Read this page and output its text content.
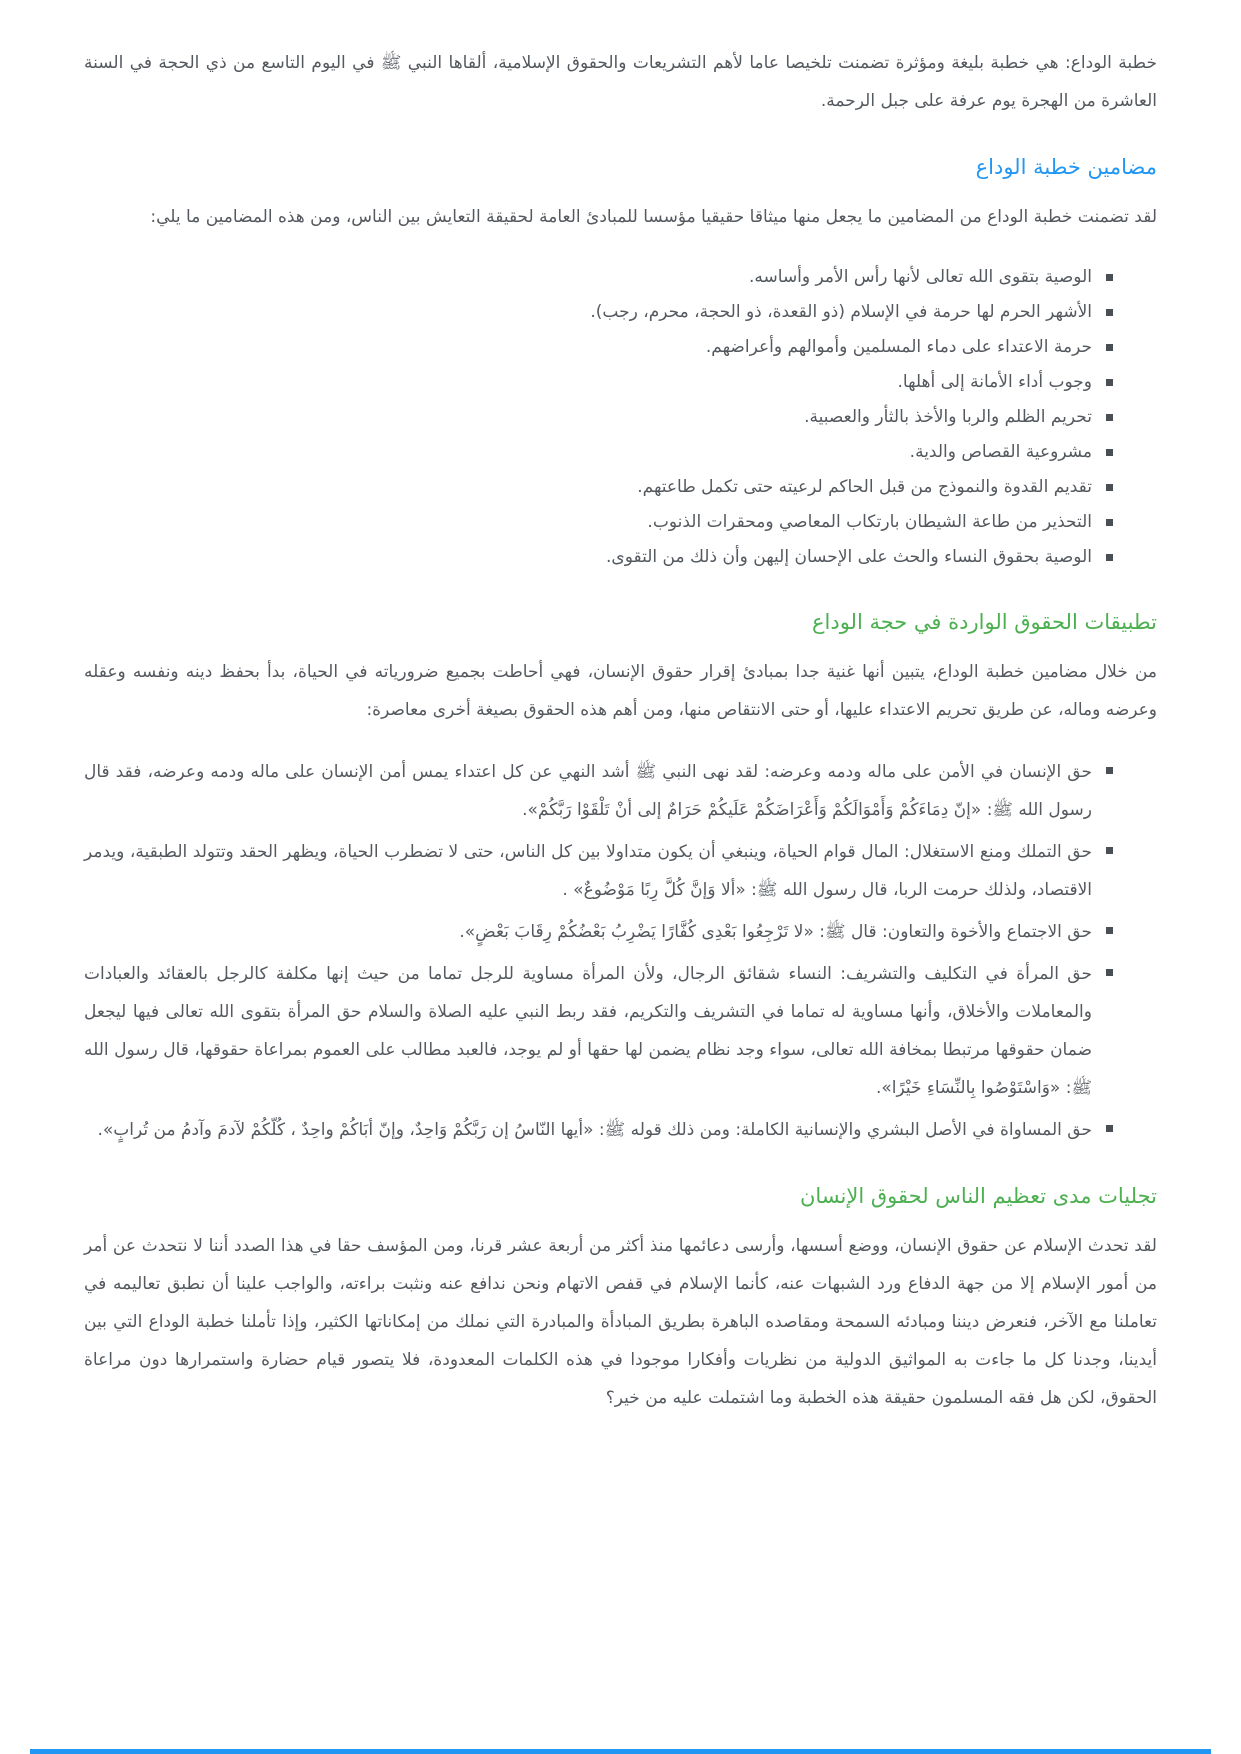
خطبة الوداع: هي خطبة بليغة ومؤثرة تضمنت تلخيصا عاما لأهم التشريعات والحقوق الإسلامية، ألقاها النبي ﷺ في اليوم التاسع من ذي الحجة في السنة العاشرة من الهجرة يوم عرفة على جبل الرحمة.

مضامين خطبة الوداع

لقد تضمنت خطبة الوداع من المضامين ما يجعل منها ميثاقا حقيقيا مؤسسا للمبادئ العامة لحقيقة التعايش بين الناس، ومن هذه المضامين ما يلي:

الوصية بتقوى الله تعالى لأنها رأس الأمر وأساسه.
الأشهر الحرم لها حرمة في الإسلام (ذو القعدة، ذو الحجة، محرم، رجب).
حرمة الاعتداء على دماء المسلمين وأموالهم وأعراضهم.
وجوب أداء الأمانة إلى أهلها.
تحريم الظلم والربا والأخذ بالثأر والعصبية.
مشروعية القصاص والدية.
تقديم القدوة والنموذج من قبل الحاكم لرعيته حتى تكمل طاعتهم.
التحذير من طاعة الشيطان بارتكاب المعاصي ومحقرات الذنوب.
الوصية بحقوق النساء والحث على الإحسان إليهن وأن ذلك من التقوى.
تطبيقات الحقوق الواردة في حجة الوداع

من خلال مضامين خطبة الوداع، يتبين أنها غنية جدا بمبادئ إقرار حقوق الإنسان، فهي أحاطت بجميع ضرورياته في الحياة، بدأ بحفظ دينه ونفسه وعقله وعرضه وماله، عن طريق تحريم الاعتداء عليها، أو حتى الانتقاص منها، ومن أهم هذه الحقوق بصيغة أخرى معاصرة:

حق الإنسان في الأمن على ماله ودمه وعرضه: لقد نهى النبي ﷺ أشد النهي عن كل اعتداء يمس أمن الإنسان على ماله ودمه وعرضه، فقد قال رسول الله ﷺ: «إنّ دِمَاءَكُمْ وَأَمْوَالَكُمْ وَأَعْرَاضَكُمْ عَلَيكُمْ حَرَامٌ إلى أنْ تَلْقَوْا رَبَّكُمْ».
حق التملك ومنع الاستغلال: المال قوام الحياة، وينبغي أن يكون متداولا بين كل الناس، حتى لا تضطرب الحياة، ويظهر الحقد وتتولد الطبقية، ويدمر الاقتصاد، ولذلك حرمت الربا، قال رسول الله ﷺ: «ألا وَإنَّ كُلَّ رِبًا مَوْضُوعٌ» .
حق الاجتماع والأخوة والتعاون: قال ﷺ: «لا تَرْجِعُوا بَعْدِى كُفَّارًا يَضْرِبُ بَعْضُكُمْ رِقَابَ بَعْضٍ».
حق المرأة في التكليف والتشريف: النساء شقائق الرجال، ولأن المرأة مساوية للرجل تماما من حيث إنها مكلفة كالرجل بالعقائد والعبادات والمعاملات والأخلاق، وأنها مساوية له تماما في التشريف والتكريم، فقد ربط النبي عليه الصلاة والسلام حق المرأة بتقوى الله تعالى فيها ليجعل ضمان حقوقها مرتبطا بمخافة الله تعالى، سواء وجد نظام يضمن لها حقها أو لم يوجد، فالعبد مطالب على العموم بمراعاة حقوقها، قال رسول الله ﷺ: «وَاسْتَوْصُوا بِالنِّسَاءِ خَيْرًا».
حق المساواة في الأصل البشري والإنسانية الكاملة: ومن ذلك قوله ﷺ: «أيها النّاسُ إن رَبَّكُمْ وَاحِدٌ، وإنّ أبَاكُمْ واحِدٌ ، كُلّكُمْ لآدمَ وآدمُ من تُرابٍ».
تجليات مدى تعظيم الناس لحقوق الإنسان

لقد تحدث الإسلام عن حقوق الإنسان، ووضع أسسها، وأرسى دعائمها منذ أكثر من أربعة عشر قرنا، ومن المؤسف حقا في هذا الصدد أننا لا نتحدث عن أمر من أمور الإسلام إلا من جهة الدفاع ورد الشبهات عنه، كأنما الإسلام في قفص الاتهام ونحن ندافع عنه ونثبت براءته، والواجب علينا أن نطبق تعاليمه في تعاملنا مع الآخر، فنعرض ديننا ومبادئه السمحة ومقاصده الباهرة بطريق المبادأة والمبادرة التي نملك من إمكاناتها الكثير، وإذا تأملنا خطبة الوداع التي بين أيدينا، وجدنا كل ما جاءت به المواثيق الدولية من نظريات وأفكارا موجودا في هذه الكلمات المعدودة، فلا يتصور قيام حضارة واستمرارها دون مراعاة الحقوق، لكن هل فقه المسلمون حقيقة هذه الخطبة وما اشتملت عليه من خير؟
